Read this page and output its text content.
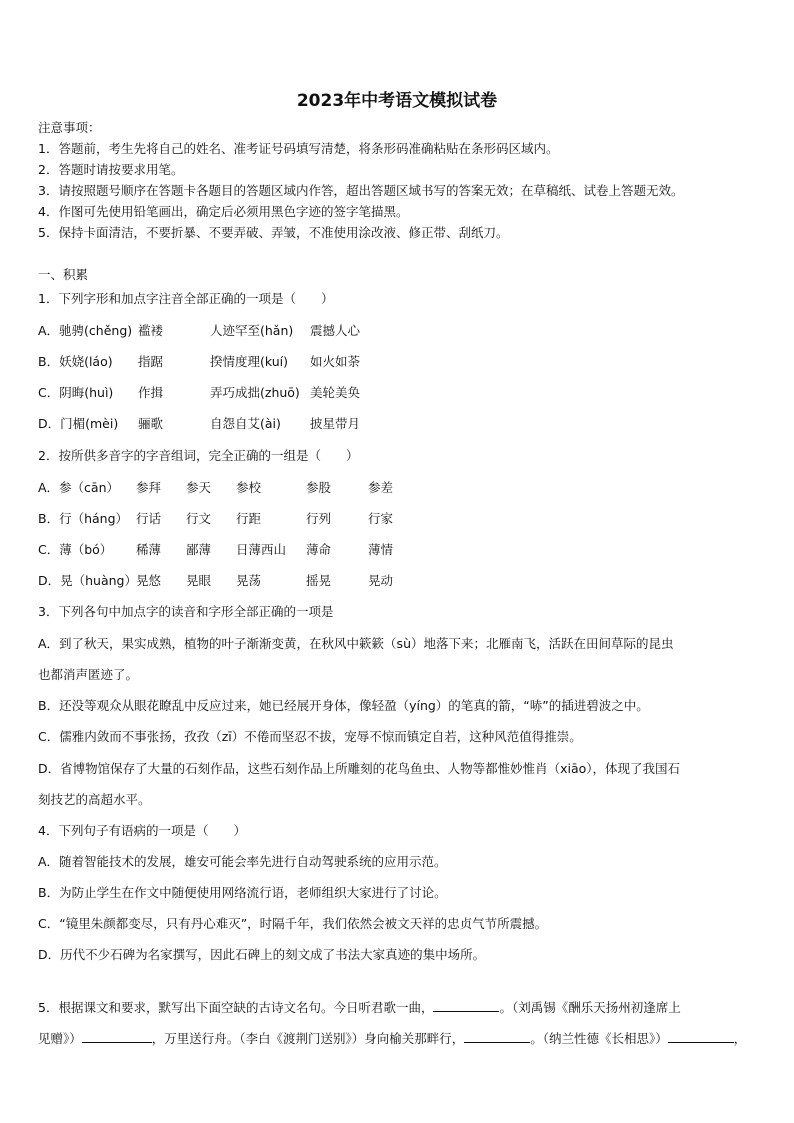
2023年中考语文模拟试卷
注意事项：
1．答题前，考生先将自己的姓名、准考证号码填写清楚，将条形码准确粘贴在条形码区域内。
2．答题时请按要求用笔。
3．请按照题号顺序在答题卡各题目的答题区域内作答，超出答题区域书写的答案无效；在草稿纸、试卷上答题无效。
4．作图可先使用铅笔画出，确定后必须用黑色字迹的签字笔描黑。
5．保持卡面清洁，不要折暴、不要弄破、弄皱，不准使用涂改液、修正带、刮纸刀。
一、积累
1．下列字形和加点字注音全部正确的一项是（　　）
A．驰骋(chěng) 褴褛	人迹罕至(hǎn) 震撼人心
B．妖娆(láo) 指踞	揆情度理(kuí) 如火如荼
C．阴晦(huì) 作揖	弄巧成拙(zhuō) 美轮美奂
D．门楣(mèi) 骊歌	自怨自艾(ài) 披星带月
2．按所供多音字的字音组词，完全正确的一组是（　　）
A．参（cān） 参拜 参天 参校	参股	参差
B．行（háng） 行话 行文 行距	行列	行家
C．薄（bó） 稀薄 鄙薄 日薄西山 薄命	薄情
D．晃（huàng）晃悠 晃眼 晃荡	摇晃	晃动
3．下列各句中加点字的读音和字形全部正确的一项是
A．到了秋天，果实成熟，植物的叶子渐渐变黄，在秋风中簌簌（sù）地落下来；北雁南飞，活跃在田间草际的昆虫
也都消声匿迹了。
B．还没等观众从眼花瞭乱中反应过来，她已经展开身体，像轻盈（yíng）的笔真的箭，“哧”的插进碧波之中。
C．儒雅内敛而不事张扬，孜孜（zī）不倦而坚忍不拔，宠辱不惊而镇定自若，这种风范值得推崇。
D．省博物馆保存了大量的石刻作品，这些石刻作品上所雕刻的花鸟鱼虫、人物等都惟妙惟肖（xiāo），体现了我国石
刻技艺的高超水平。
4．下列句子有语病的一项是（　　）
A．随着智能技术的发展，雄安可能会率先进行自动驾驶系统的应用示范。
B．为防止学生在作文中随便使用网络流行语，老师组织大家进行了讨论。
C．“镜里朱颜都变尽，只有丹心难灭”，时隔千年，我们依然会被文天祥的忠贞气节所震撼。
D．历代不少石碑为名家撰写，因此石碑上的刻文成了书法大家真迹的集中场所。
5．根据课文和要求，默写出下面空缺的古诗文名句。今日听君歌一曲，	。（刘禹锡《酬乐天扬州初逢席上
见赠》）	，万里送行舟。（李白《渡荆门送别》）身向榆关那畔行，	。（纳兰性德《长相思》）	，
